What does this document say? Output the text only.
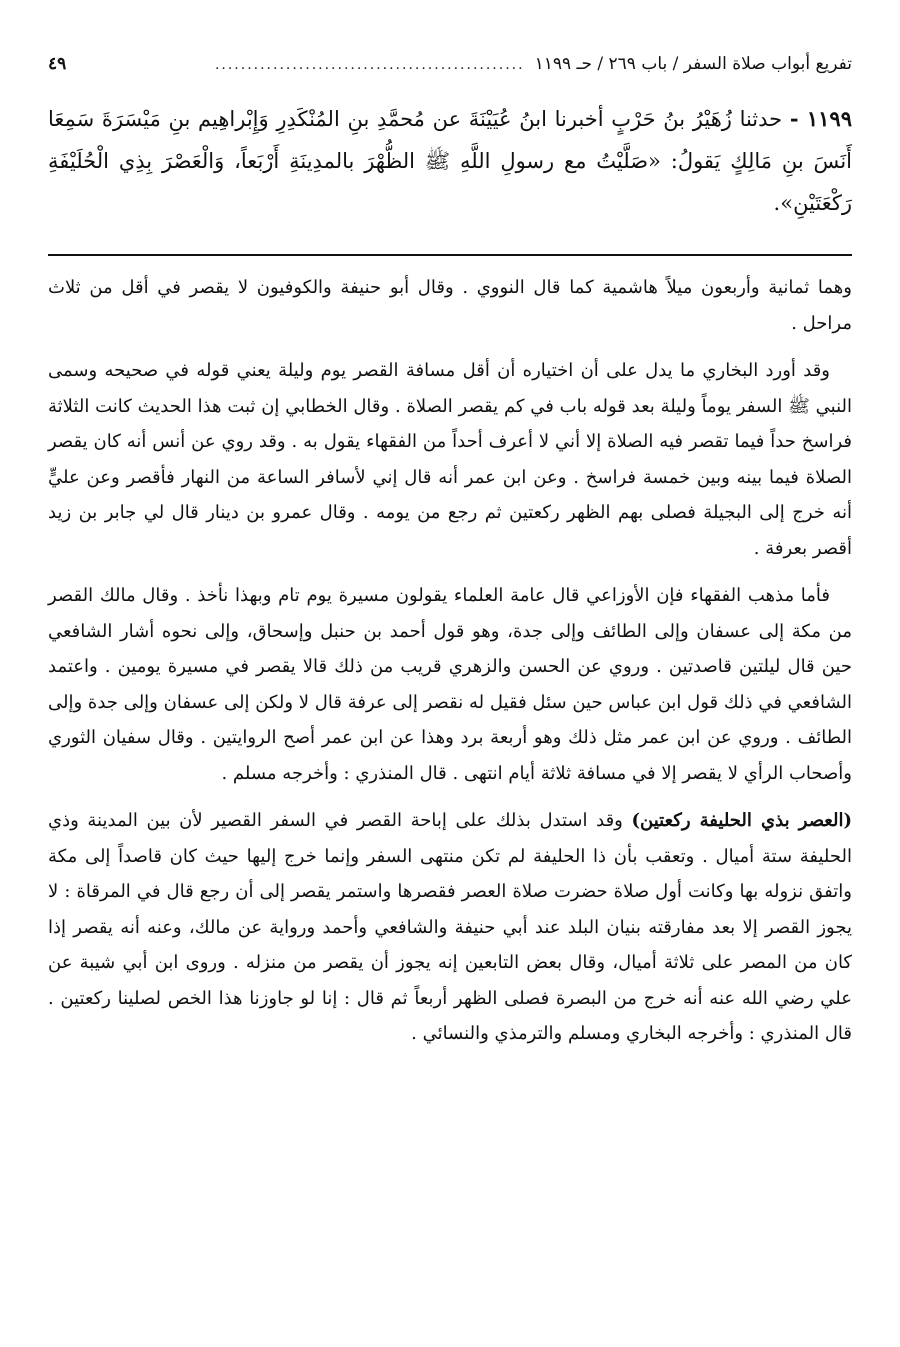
تفريع أبواب صلاة السفر / باب ٢٦٩ / حـ ١١٩٩
................................................
٤٩
١١٩٩ - حدثنا زُهَيْرُ بنُ حَرْبٍ أخبرنا ابنُ عُيَيْنَةَ عن مُحمَّدِ بنِ المُنْكَدِرِ وَإِبْراهِيم بنِ مَيْسَرَةَ سَمِعَا أَنَسَ بنِ مَالِكٍ يَقولُ: «صَلَّيْتُ مع رسولِ اللَّهِ ﷺ الظُّهْرَ بالمدِينَةِ أَرْبَعاً، وَالْعَصْرَ بِذِي الْحُلَيْفَةِ رَكْعَتَيْنِ».

وهما ثمانية وأربعون ميلاً هاشمية كما قال النووي . وقال أبو حنيفة والكوفيون لا يقصر في أقل من ثلاث مراحل .

وقد أورد البخاري ما يدل على أن اختياره أن أقل مسافة القصر يوم وليلة يعني قوله في صحيحه وسمى النبي ﷺ السفر يوماً وليلة بعد قوله باب في كم يقصر الصلاة . وقال الخطابي إن ثبت هذا الحديث كانت الثلاثة فراسخ حداً فيما تقصر فيه الصلاة إلا أني لا أعرف أحداً من الفقهاء يقول به . وقد روي عن أنس أنه كان يقصر الصلاة فيما بينه وبين خمسة فراسخ . وعن ابن عمر أنه قال إني لأسافر الساعة من النهار فأقصر وعن عليٍّ أنه خرج إلى البجيلة فصلى بهم الظهر ركعتين ثم رجع من يومه . وقال عمرو بن دينار قال لي جابر بن زيد أقصر بعرفة .

فأما مذهب الفقهاء فإن الأوزاعي قال عامة العلماء يقولون مسيرة يوم تام وبهذا نأخذ . وقال مالك القصر من مكة إلى عسفان وإلى الطائف وإلى جدة، وهو قول أحمد بن حنبل وإسحاق، وإلى نحوه أشار الشافعي حين قال ليلتين قاصدتين . وروي عن الحسن والزهري قريب من ذلك قالا يقصر في مسيرة يومين . واعتمد الشافعي في ذلك قول ابن عباس حين سئل فقيل له نقصر إلى عرفة قال لا ولكن إلى عسفان وإلى جدة وإلى الطائف . وروي عن ابن عمر مثل ذلك وهو أربعة برد وهذا عن ابن عمر أصح الروايتين . وقال سفيان الثوري وأصحاب الرأي لا يقصر إلا في مسافة ثلاثة أيام انتهى . قال المنذري : وأخرجه مسلم .

(العصر بذي الحليفة ركعتين) وقد استدل بذلك على إباحة القصر في السفر القصير لأن بين المدينة وذي الحليفة ستة أميال . وتعقب بأن ذا الحليفة لم تكن منتهى السفر وإنما خرج إليها حيث كان قاصداً إلى مكة واتفق نزوله بها وكانت أول صلاة حضرت صلاة العصر فقصرها واستمر يقصر إلى أن رجع قال في المرقاة : لا يجوز القصر إلا بعد مفارقته بنيان البلد عند أبي حنيفة والشافعي وأحمد ورواية عن مالك، وعنه أنه يقصر إذا كان من المصر على ثلاثة أميال، وقال بعض التابعين إنه يجوز أن يقصر من منزله . وروى ابن أبي شيبة عن علي رضي الله عنه أنه خرج من البصرة فصلى الظهر أربعاً ثم قال : إنا لو جاوزنا هذا الخص لصلينا ركعتين . قال المنذري : وأخرجه البخاري ومسلم والترمذي والنسائي .
